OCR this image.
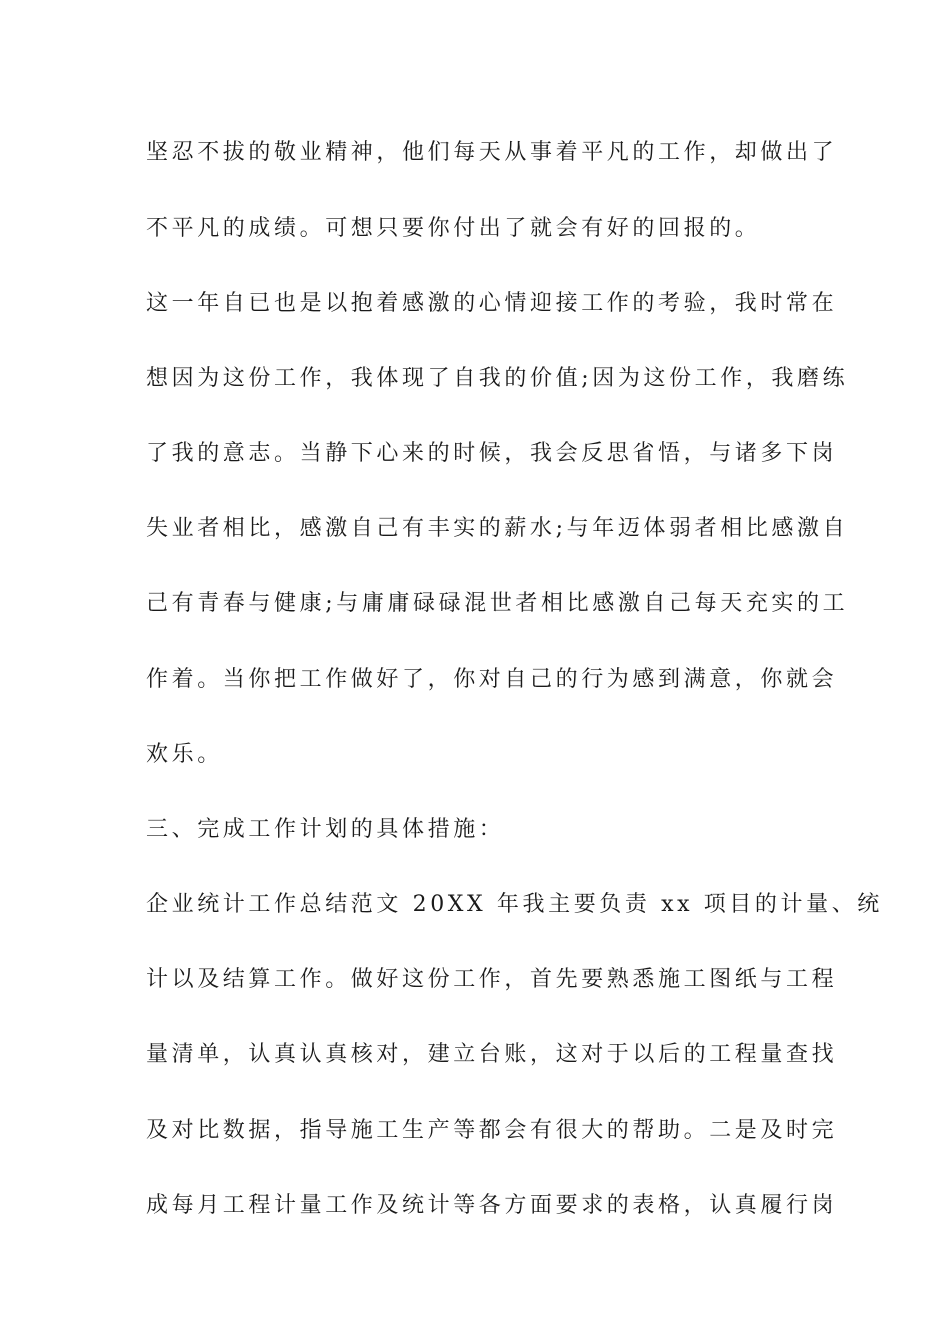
坚忍不拔的敬业精神，他们每天从事着平凡的工作，却做出了
不平凡的成绩。可想只要你付出了就会有好的回报的。
这一年自已也是以抱着感激的心情迎接工作的考验，我时常在
想因为这份工作，我体现了自我的价值;因为这份工作，我磨练
了我的意志。当静下心来的时候，我会反思省悟，与诸多下岗
失业者相比，感激自己有丰实的薪水;与年迈体弱者相比感激自
己有青春与健康;与庸庸碌碌混世者相比感激自己每天充实的工
作着。当你把工作做好了，你对自己的行为感到满意，你就会
欢乐。
三、完成工作计划的具体措施：
企业统计工作总结范文 20XX 年我主要负责 xx 项目的计量、统
计以及结算工作。做好这份工作，首先要熟悉施工图纸与工程
量清单，认真认真核对，建立台账，这对于以后的工程量查找
及对比数据，指导施工生产等都会有很大的帮助。二是及时完
成每月工程计量工作及统计等各方面要求的表格，认真履行岗
